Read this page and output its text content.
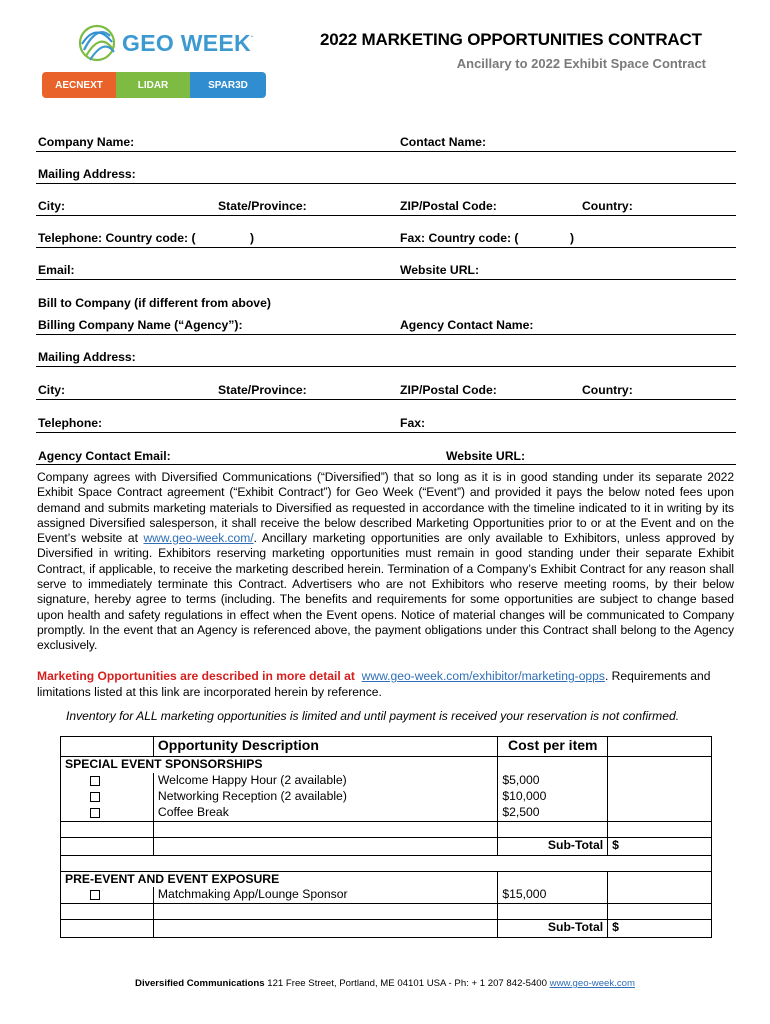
GEO WEEK.
AECNEXT	LIDAR	SPAR3D
2022 MARKETING OPPORTUNITIES CONTRACT
Ancillary to 2022 Exhibit Space Contract
Company Name:	Contact Name:
Mailing Address:
City:	State/Province:	ZIP/Postal Code:	Country:
Telephone: Country code: (	)	Fax: Country code: (	)
Email:	Website URL:
Bill to Company (if different from above)
Billing Company Name (“Agency”):	Agency Contact Name:
Mailing Address:
City:	State/Province:	ZIP/Postal Code:	Country:
Telephone:	Fax:
Agency Contact Email:	Website URL:
Company agrees with Diversified Communications (“Diversified”) that so long as it is in good standing under its separate 2022 Exhibit Space Contract agreement (“Exhibit Contract”) for Geo Week (“Event”) and provided it pays the below noted fees upon demand and submits marketing materials to Diversified as requested in accordance with the timeline indicated to it in writing by its assigned Diversified salesperson, it shall receive the below described Marketing Opportunities prior to or at the Event and on the Event’s website at www.geo-week.com/. Ancillary marketing opportunities are only available to Exhibitors, unless approved by Diversified in writing. Exhibitors reserving marketing opportunities must remain in good standing under their separate Exhibit Contract, if applicable, to receive the marketing described herein. Termination of a Company’s Exhibit Contract for any reason shall serve to immediately terminate this Contract. Advertisers who are not Exhibitors who reserve meeting rooms, by their below signature, hereby agree to terms (including. The benefits and requirements for some opportunities are subject to change based upon health and safety regulations in effect when the Event opens. Notice of material changes will be communicated to Company promptly. In the event that an Agency is referenced above, the payment obligations under this Contract shall belong to the Agency exclusively.
Marketing Opportunities are described in more detail at www.geo-week.com/exhibitor/marketing-opps. Requirements and limitations listed at this link are incorporated herein by reference.
Inventory for ALL marketing opportunities is limited and until payment is received your reservation is not confirmed.
	Opportunity Description	Cost per item	
SPECIAL EVENT SPONSORSHIPS			
	Welcome Happy Hour (2 available)	$5,000	
	Networking Reception (2 available)	$10,000	
	Coffee Break	$2,500	

		Sub-Total	$

PRE-EVENT AND EVENT EXPOSURE			
	Matchmaking App/Lounge Sponsor	$15,000	

		Sub-Total	$
Diversified Communications 121 Free Street, Portland, ME 04101 USA - Ph: + 1 207 842-5400 www.geo-week.com
